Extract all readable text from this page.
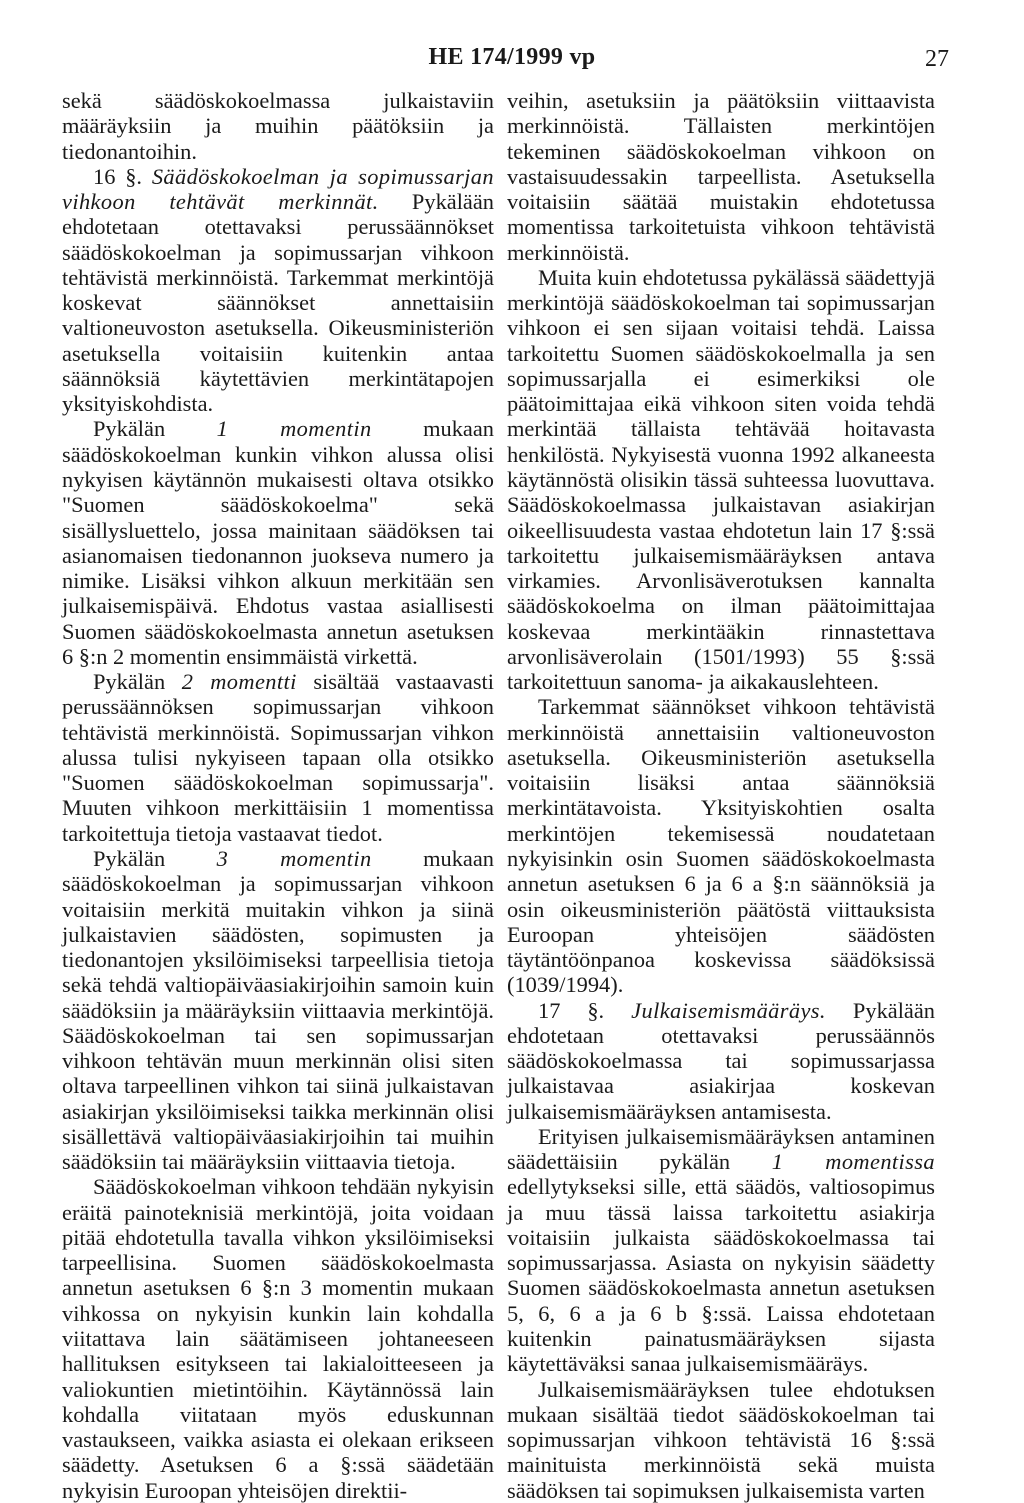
HE 174/1999 vp	27

sekä säädöskokoelmassa julkaistaviin määräyksiin ja muihin päätöksiin ja tiedonantoihin.

16 §. Säädöskokoelman ja sopimussarjan vihkoon tehtävät merkinnät. Pykälään ehdotetaan otettavaksi perussäännökset säädöskokoelman ja sopimussarjan vihkoon tehtävistä merkinnöistä. Tarkemmat merkintöjä koskevat säännökset annettaisiin valtioneuvoston asetuksella. Oikeusministeriön asetuksella voitaisiin kuitenkin antaa säännöksiä käytettävien merkintätapojen yksityiskohdista.

Pykälän 1 momentin mukaan säädöskokoelman kunkin vihkon alussa olisi nykyisen käytännön mukaisesti oltava otsikko "Suomen säädöskokoelma" sekä sisällysluettelo, jossa mainitaan säädöksen tai asianomaisen tiedonannon juokseva numero ja nimike. Lisäksi vihkon alkuun merkitään sen julkaisemispäivä. Ehdotus vastaa asiallisesti Suomen säädöskokoelmasta annetun asetuksen 6 §:n 2 momentin ensimmäistä virkettä.

Pykälän 2 momentti sisältää vastaavasti perussäännöksen sopimussarjan vihkoon tehtävistä merkinnöistä. Sopimussarjan vihkon alussa tulisi nykyiseen tapaan olla otsikko "Suomen säädöskokoelman sopimussarja". Muuten vihkoon merkittäisiin 1 momentissa tarkoitettuja tietoja vastaavat tiedot.

Pykälän 3 momentin mukaan säädöskokoelman ja sopimussarjan vihkoon voitaisiin merkitä muitakin vihkon ja siinä julkaistavien säädösten, sopimusten ja tiedonantojen yksilöimiseksi tarpeellisia tietoja sekä tehdä valtiopäiväasiakirjoihin samoin kuin säädöksiin ja määräyksiin viittaavia merkintöjä. Säädöskokoelman tai sen sopimussarjan vihkoon tehtävän muun merkinnän olisi siten oltava tarpeellinen vihkon tai siinä julkaistavan asiakirjan yksilöimiseksi taikka merkinnän olisi sisällettävä valtiopäiväasiakirjoihin tai muihin säädöksiin tai määräyksiin viittaavia tietoja.

Säädöskokoelman vihkoon tehdään nykyisin eräitä painoteknisiä merkintöjä, joita voidaan pitää ehdotetulla tavalla vihkon yksilöimiseksi tarpeellisina. Suomen säädöskokoelmasta annetun asetuksen 6 §:n 3 momentin mukaan vihkossa on nykyisin kunkin lain kohdalla viitattava lain säätämiseen johtaneeseen hallituksen esitykseen tai lakialoitteeseen ja valiokuntien mietintöihin. Käytännössä lain kohdalla viitataan myös eduskunnan vastaukseen, vaikka asiasta ei olekaan erikseen säädetty. Asetuksen 6 a §:ssä säädetään nykyisin Euroopan yhteisöjen direktii-

veihin, asetuksiin ja päätöksiin viittaavista merkinnöistä. Tällaisten merkintöjen tekeminen säädöskokoelman vihkoon on vastaisuudessakin tarpeellista. Asetuksella voitaisiin säätää muistakin ehdotetussa momentissa tarkoitetuista vihkoon tehtävistä merkinnöistä.

Muita kuin ehdotetussa pykälässä säädettyjä merkintöjä säädöskokoelman tai sopimussarjan vihkoon ei sen sijaan voitaisi tehdä. Laissa tarkoitettu Suomen säädöskokoelmalla ja sen sopimussarjalla ei esimerkiksi ole päätoimittajaa eikä vihkoon siten voida tehdä merkintää tällaista tehtävää hoitavasta henkilöstä. Nykyisestä vuonna 1992 alkaneesta käytännöstä olisikin tässä suhteessa luovuttava. Säädöskokoelmassa julkaistavan asiakirjan oikeellisuudesta vastaa ehdotetun lain 17 §:ssä tarkoitettu julkaisemismääräyksen antava virkamies. Arvonlisäverotuksen kannalta säädöskokoelma on ilman päätoimittajaa koskevaa merkintääkin rinnastettava arvonlisäverolain (1501/1993) 55 §:ssä tarkoitettuun sanoma- ja aikakauslehteen.

Tarkemmat säännökset vihkoon tehtävistä merkinnöistä annettaisiin valtioneuvoston asetuksella. Oikeusministeriön asetuksella voitaisiin lisäksi antaa säännöksiä merkintätavoista. Yksityiskohtien osalta merkintöjen tekemisessä noudatetaan nykyisinkin osin Suomen säädöskokoelmasta annetun asetuksen 6 ja 6 a §:n säännöksiä ja osin oikeusministeriön päätöstä viittauksista Euroopan yhteisöjen säädösten täytäntöönpanoa koskevissa säädöksissä (1039/1994).

17 §. Julkaisemismääräys. Pykälään ehdotetaan otettavaksi perussäännös säädöskokoelmassa tai sopimussarjassa julkaistavaa asiakirjaa koskevan julkaisemismääräyksen antamisesta.

Erityisen julkaisemismääräyksen antaminen säädettäisiin pykälän 1 momentissa edellytykseksi sille, että säädös, valtiosopimus ja muu tässä laissa tarkoitettu asiakirja voitaisiin julkaista säädöskokoelmassa tai sopimussarjassa. Asiasta on nykyisin säädetty Suomen säädöskokoelmasta annetun asetuksen 5, 6, 6 a ja 6 b §:ssä. Laissa ehdotetaan kuitenkin painatusmääräyksen sijasta käytettäväksi sanaa julkaisemismääräys.

Julkaisemismääräyksen tulee ehdotuksen mukaan sisältää tiedot säädöskokoelman tai sopimussarjan vihkoon tehtävistä 16 §:ssä mainituista merkinnöistä sekä muista säädöksen tai sopimuksen julkaisemista varten
